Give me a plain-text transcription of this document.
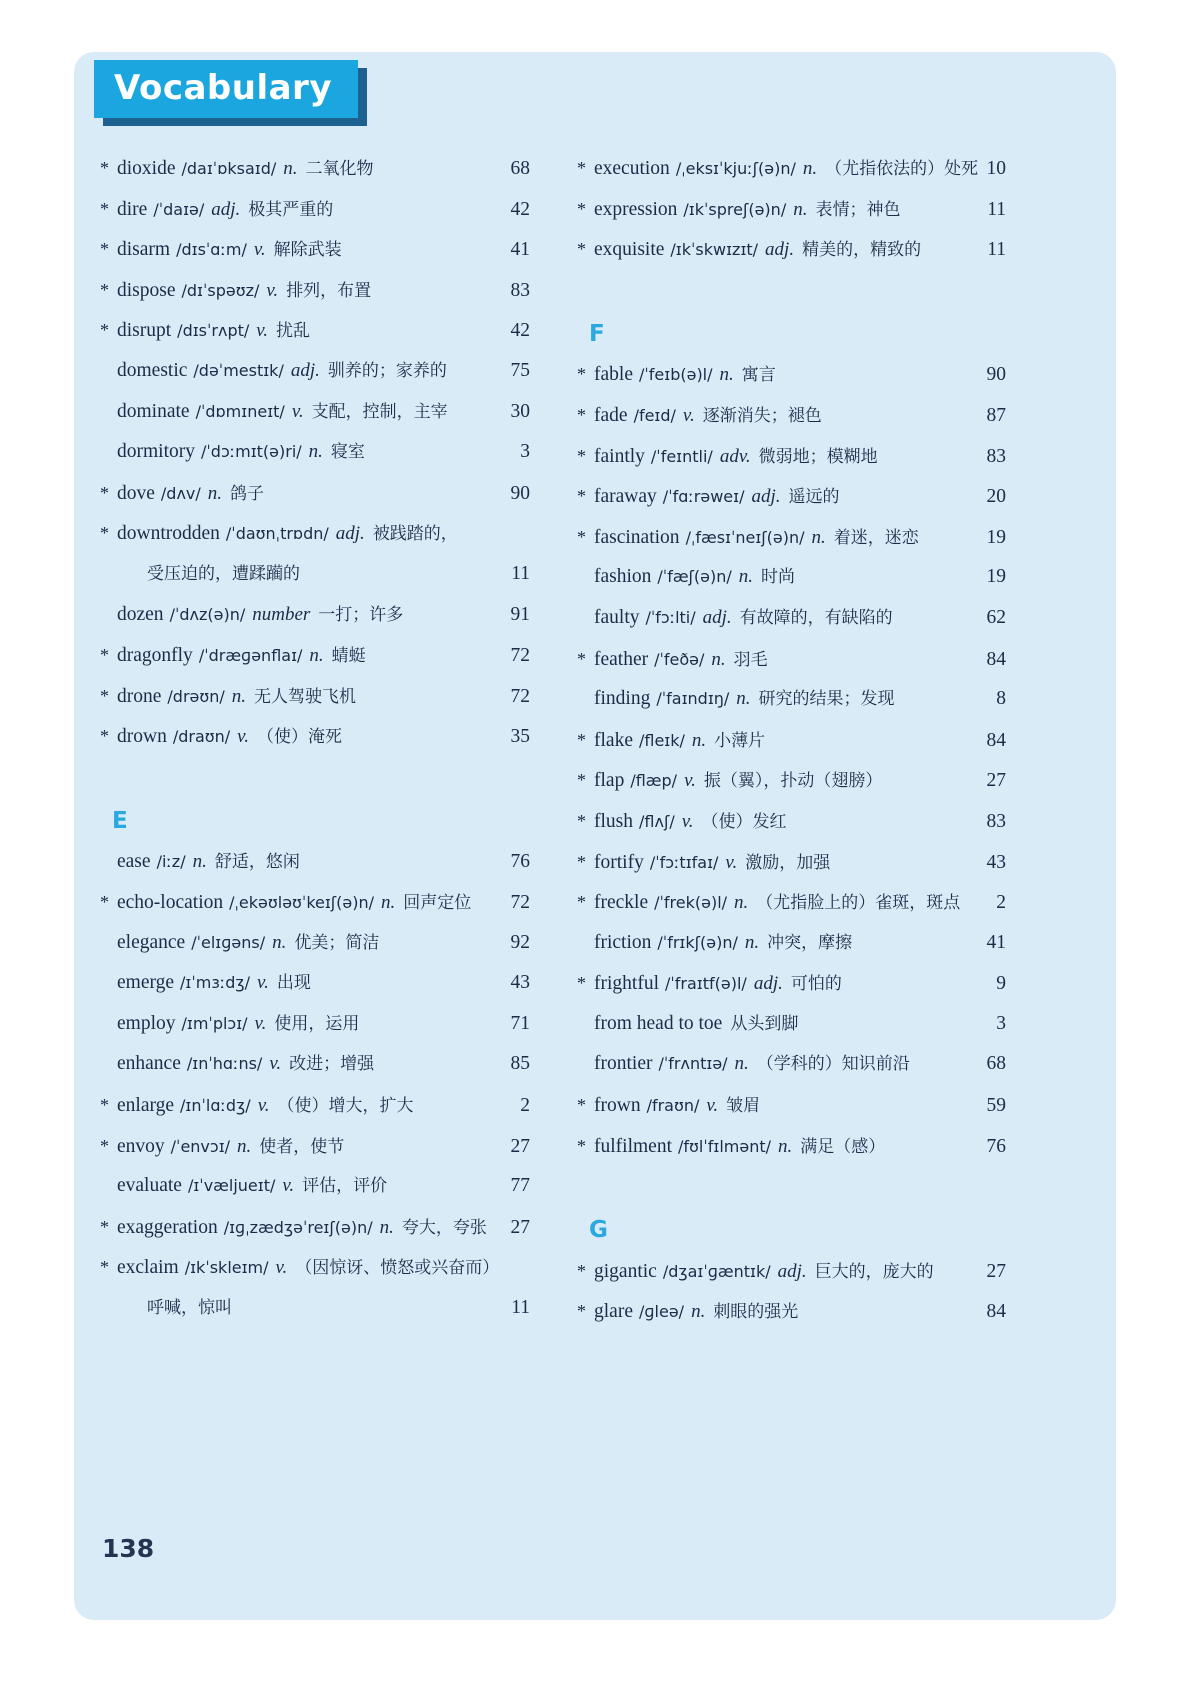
Vocabulary
* dioxide /daɪˈɒksaɪd/ n. 二氧化物	68
* dire /ˈdaɪə/ adj. 极其严重的	42
* disarm /dɪsˈɑːm/ v. 解除武装	41
* dispose /dɪˈspəʊz/ v. 排列，布置	83
* disrupt /dɪsˈrʌpt/ v. 扰乱	42
domestic /dəˈmestɪk/ adj. 驯养的；家养的	75
dominate /ˈdɒmɪneɪt/ v. 支配，控制，主宰	30
dormitory /ˈdɔːmɪt(ə)ri/ n. 寝室	3
* dove /dʌv/ n. 鸽子	90
* downtrodden /ˈdaʊnˌtrɒdn/ adj. 被践踏的，
受压迫的，遭蹂躏的	11
dozen /ˈdʌz(ə)n/ number 一打；许多	91
* dragonfly /ˈdræɡənflaɪ/ n. 蜻蜓	72
* drone /drəʊn/ n. 无人驾驶飞机	72
* drown /draʊn/ v. （使）淹死	35
E
ease /iːz/ n. 舒适，悠闲	76
* echo-location /ˌekəʊləʊˈkeɪʃ(ə)n/ n. 回声定位	72
elegance /ˈelɪɡəns/ n. 优美；简洁	92
emerge /ɪˈmɜːdʒ/ v. 出现	43
employ /ɪmˈplɔɪ/ v. 使用，运用	71
enhance /ɪnˈhɑːns/ v. 改进；增强	85
* enlarge /ɪnˈlɑːdʒ/ v. （使）增大，扩大	2
* envoy /ˈenvɔɪ/ n. 使者，使节	27
evaluate /ɪˈvæljueɪt/ v. 评估，评价	77
* exaggeration /ɪɡˌzædʒəˈreɪʃ(ə)n/ n. 夸大，夸张	27
* exclaim /ɪkˈskleɪm/ v. （因惊讶、愤怒或兴奋而）
呼喊，惊叫	11
* execution /ˌeksɪˈkjuːʃ(ə)n/ n. （尤指依法的）处死 10
* expression /ɪkˈspreʃ(ə)n/ n. 表情；神色	11
* exquisite /ɪkˈskwɪzɪt/ adj. 精美的，精致的	11
F
* fable /ˈfeɪb(ə)l/ n. 寓言	90
* fade /feɪd/ v. 逐渐消失；褪色	87
* faintly /ˈfeɪntli/ adv. 微弱地；模糊地	83
* faraway /ˈfɑːrəweɪ/ adj. 遥远的	20
* fascination /ˌfæsɪˈneɪʃ(ə)n/ n. 着迷，迷恋	19
fashion /ˈfæʃ(ə)n/ n. 时尚	19
faulty /ˈfɔːlti/ adj. 有故障的，有缺陷的	62
* feather /ˈfeðə/ n. 羽毛	84
finding /ˈfaɪndɪŋ/ n. 研究的结果；发现	8
* flake /fleɪk/ n. 小薄片	84
* flap /flæp/ v. 振（翼），扑动（翅膀）	27
* flush /flʌʃ/ v. （使）发红	83
* fortify /ˈfɔːtɪfaɪ/ v. 激励，加强	43
* freckle /ˈfrek(ə)l/ n. （尤指脸上的）雀斑，斑点	2
friction /ˈfrɪkʃ(ə)n/ n. 冲突，摩擦	41
* frightful /ˈfraɪtf(ə)l/ adj. 可怕的	9
from head to toe 从头到脚	3
frontier /ˈfrʌntɪə/ n. （学科的）知识前沿	68
* frown /fraʊn/ v. 皱眉	59
* fulfilment /fʊlˈfɪlmənt/ n. 满足（感）	76
G
* gigantic /dʒaɪˈɡæntɪk/ adj. 巨大的，庞大的	27
* glare /ɡleə/ n. 刺眼的强光	84
138
